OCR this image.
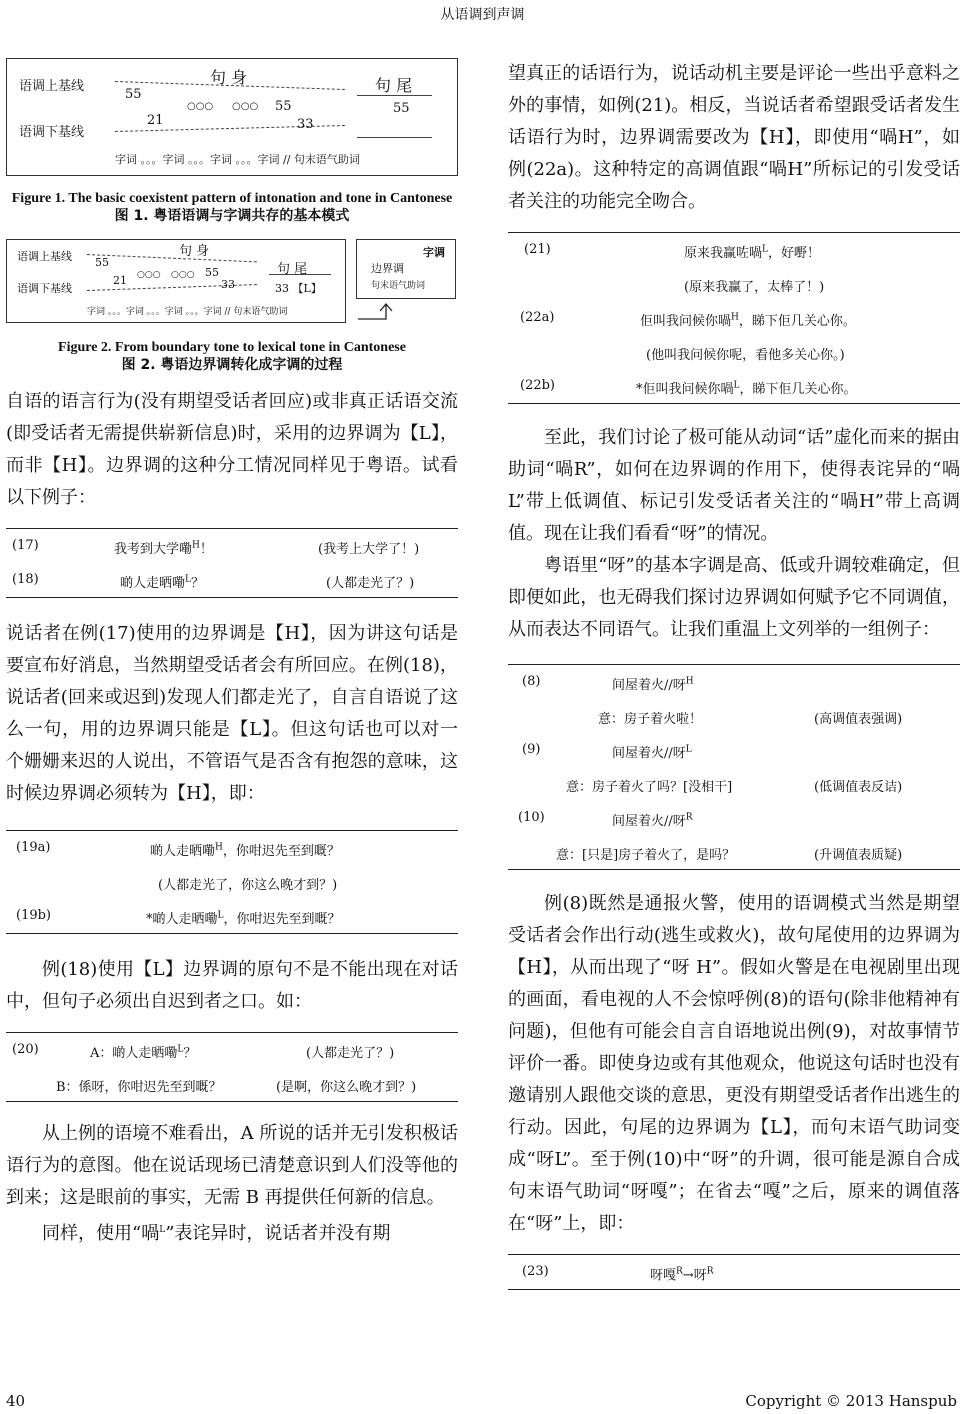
从语调到声调
语调上基线
语调下基线
句 身	句 尾
55
21
○○○ ○○○ 55
33
55
字词 。。。字词 。。。字词 。。。字词 // 句末语气助词
Figure 1. The basic coexistent pattern of intonation and tone in Cantonese
图 1. 粤语语调与字调共存的基本模式
语调上基线
语调下基线
句 身
句 尾
55
21 ○○○ ○○○ 55
33	33 【L】
字词 。。。字词 。。。字词 。。。字词 // 句末语气助词
字调
边界调
句末语气助词
Figure 2. From boundary tone to lexical tone in Cantonese
图 2. 粤语边界调转化成字调的过程

自语的语言行为(没有期望受话者回应)或非真正话语交流(即受话者无需提供崭新信息)时，采用的边界调为【L】，而非【H】。边界调的这种分工情况同样见于粤语。试看以下例子：

(17)	我考到大学嘞$^H$！	(我考上大学了！)
(18)	啲人走晒嘞$^L$？	(人都走光了？)

说话者在例(17)使用的边界调是【H】，因为讲这句话是要宣布好消息，当然期望受话者会有所回应。在例(18)，说话者(回来或迟到)发现人们都走光了，自言自语说了这么一句，用的边界调只能是【L】。但这句话也可以对一个姗姗来迟的人说出，不管语气是否含有抱怨的意味，这时候边界调必须转为【H】，即：

(19a)	啲人走晒嘞$^H$，你咁迟先至到嘅？
(人都走光了，你这么晚才到？)
(19b)	*啲人走晒嘞$^L$，你咁迟先至到嘅？

例(18)使用【L】边界调的原句不是不能出现在对话中，但句子必须出自迟到者之口。如：

(20)	A：啲人走晒嘞$^L$？	(人都走光了？)
B：係呀，你咁迟先至到嘅？	(是啊，你这么晚才到？)

从上例的语境不难看出，A 所说的话并无引发积极话语行为的意图。他在说话现场已清楚意识到人们没等他的到来；这是眼前的事实，无需 B 再提供任何新的信息。

同样，使用“喎$^L$”表诧异时，说话者并没有期

望真正的话语行为，说话动机主要是评论一些出乎意料之外的事情，如例(21)。相反，当说话者希望跟受话者发生话语行为时，边界调需要改为【H】，即使用“喎H”，如例(22a)。这种特定的高调值跟“喎H”所标记的引发受话者关注的功能完全吻合。

(21)	原来我赢咗喎$^L$，好嘢！
(原来我赢了，太棒了！)
(22a)	佢叫我问候你喎$^H$，睇下佢几关心你。
(他叫我问候你呢，看他多关心你。)
(22b)	*佢叫我问候你喎$^L$，睇下佢几关心你。

至此，我们讨论了极可能从动词“话”虚化而来的据由助词“喎R”，如何在边界调的作用下，使得表诧异的“喎 L”带上低调值、标记引发受话者关注的“喎H”带上高调值。现在让我们看看“呀”的情况。

粤语里“呀”的基本字调是高、低或升调较难确定，但即便如此，也无碍我们探讨边界调如何赋予它不同调值，从而表达不同语气。让我们重温上文列举的一组例子：

(8)	间屋着火//呀$^H$
意：房子着火啦！	(高调值表强调)
(9)	间屋着火//呀$^L$
意：房子着火了吗？[没相干]	(低调值表反诘)
(10)	间屋着火//呀$^R$
意：[只是]房子着火了，是吗？	(升调值表质疑)

例(8)既然是通报火警，使用的语调模式当然是期望受话者会作出行动(逃生或救火)，故句尾使用的边界调为【H】，从而出现了“呀 H”。假如火警是在电视剧里出现的画面，看电视的人不会惊呼例(8)的语句(除非他精神有问题)，但他有可能会自言自语地说出例(9)，对故事情节评价一番。即使身边或有其他观众，他说这句话时也没有邀请别人跟他交谈的意思，更没有期望受话者作出逃生的行动。因此，句尾的边界调为【L】，而句末语气助词变成“呀L”。至于例(10)中“呀”的升调，很可能是源自合成句末语气助词“呀嘎”；在省去“嘎”之后，原来的调值落在“呀”上，即：

(23)	呀嘎$^R$→呀$^R$
40	Copyright © 2013 Hanspub
